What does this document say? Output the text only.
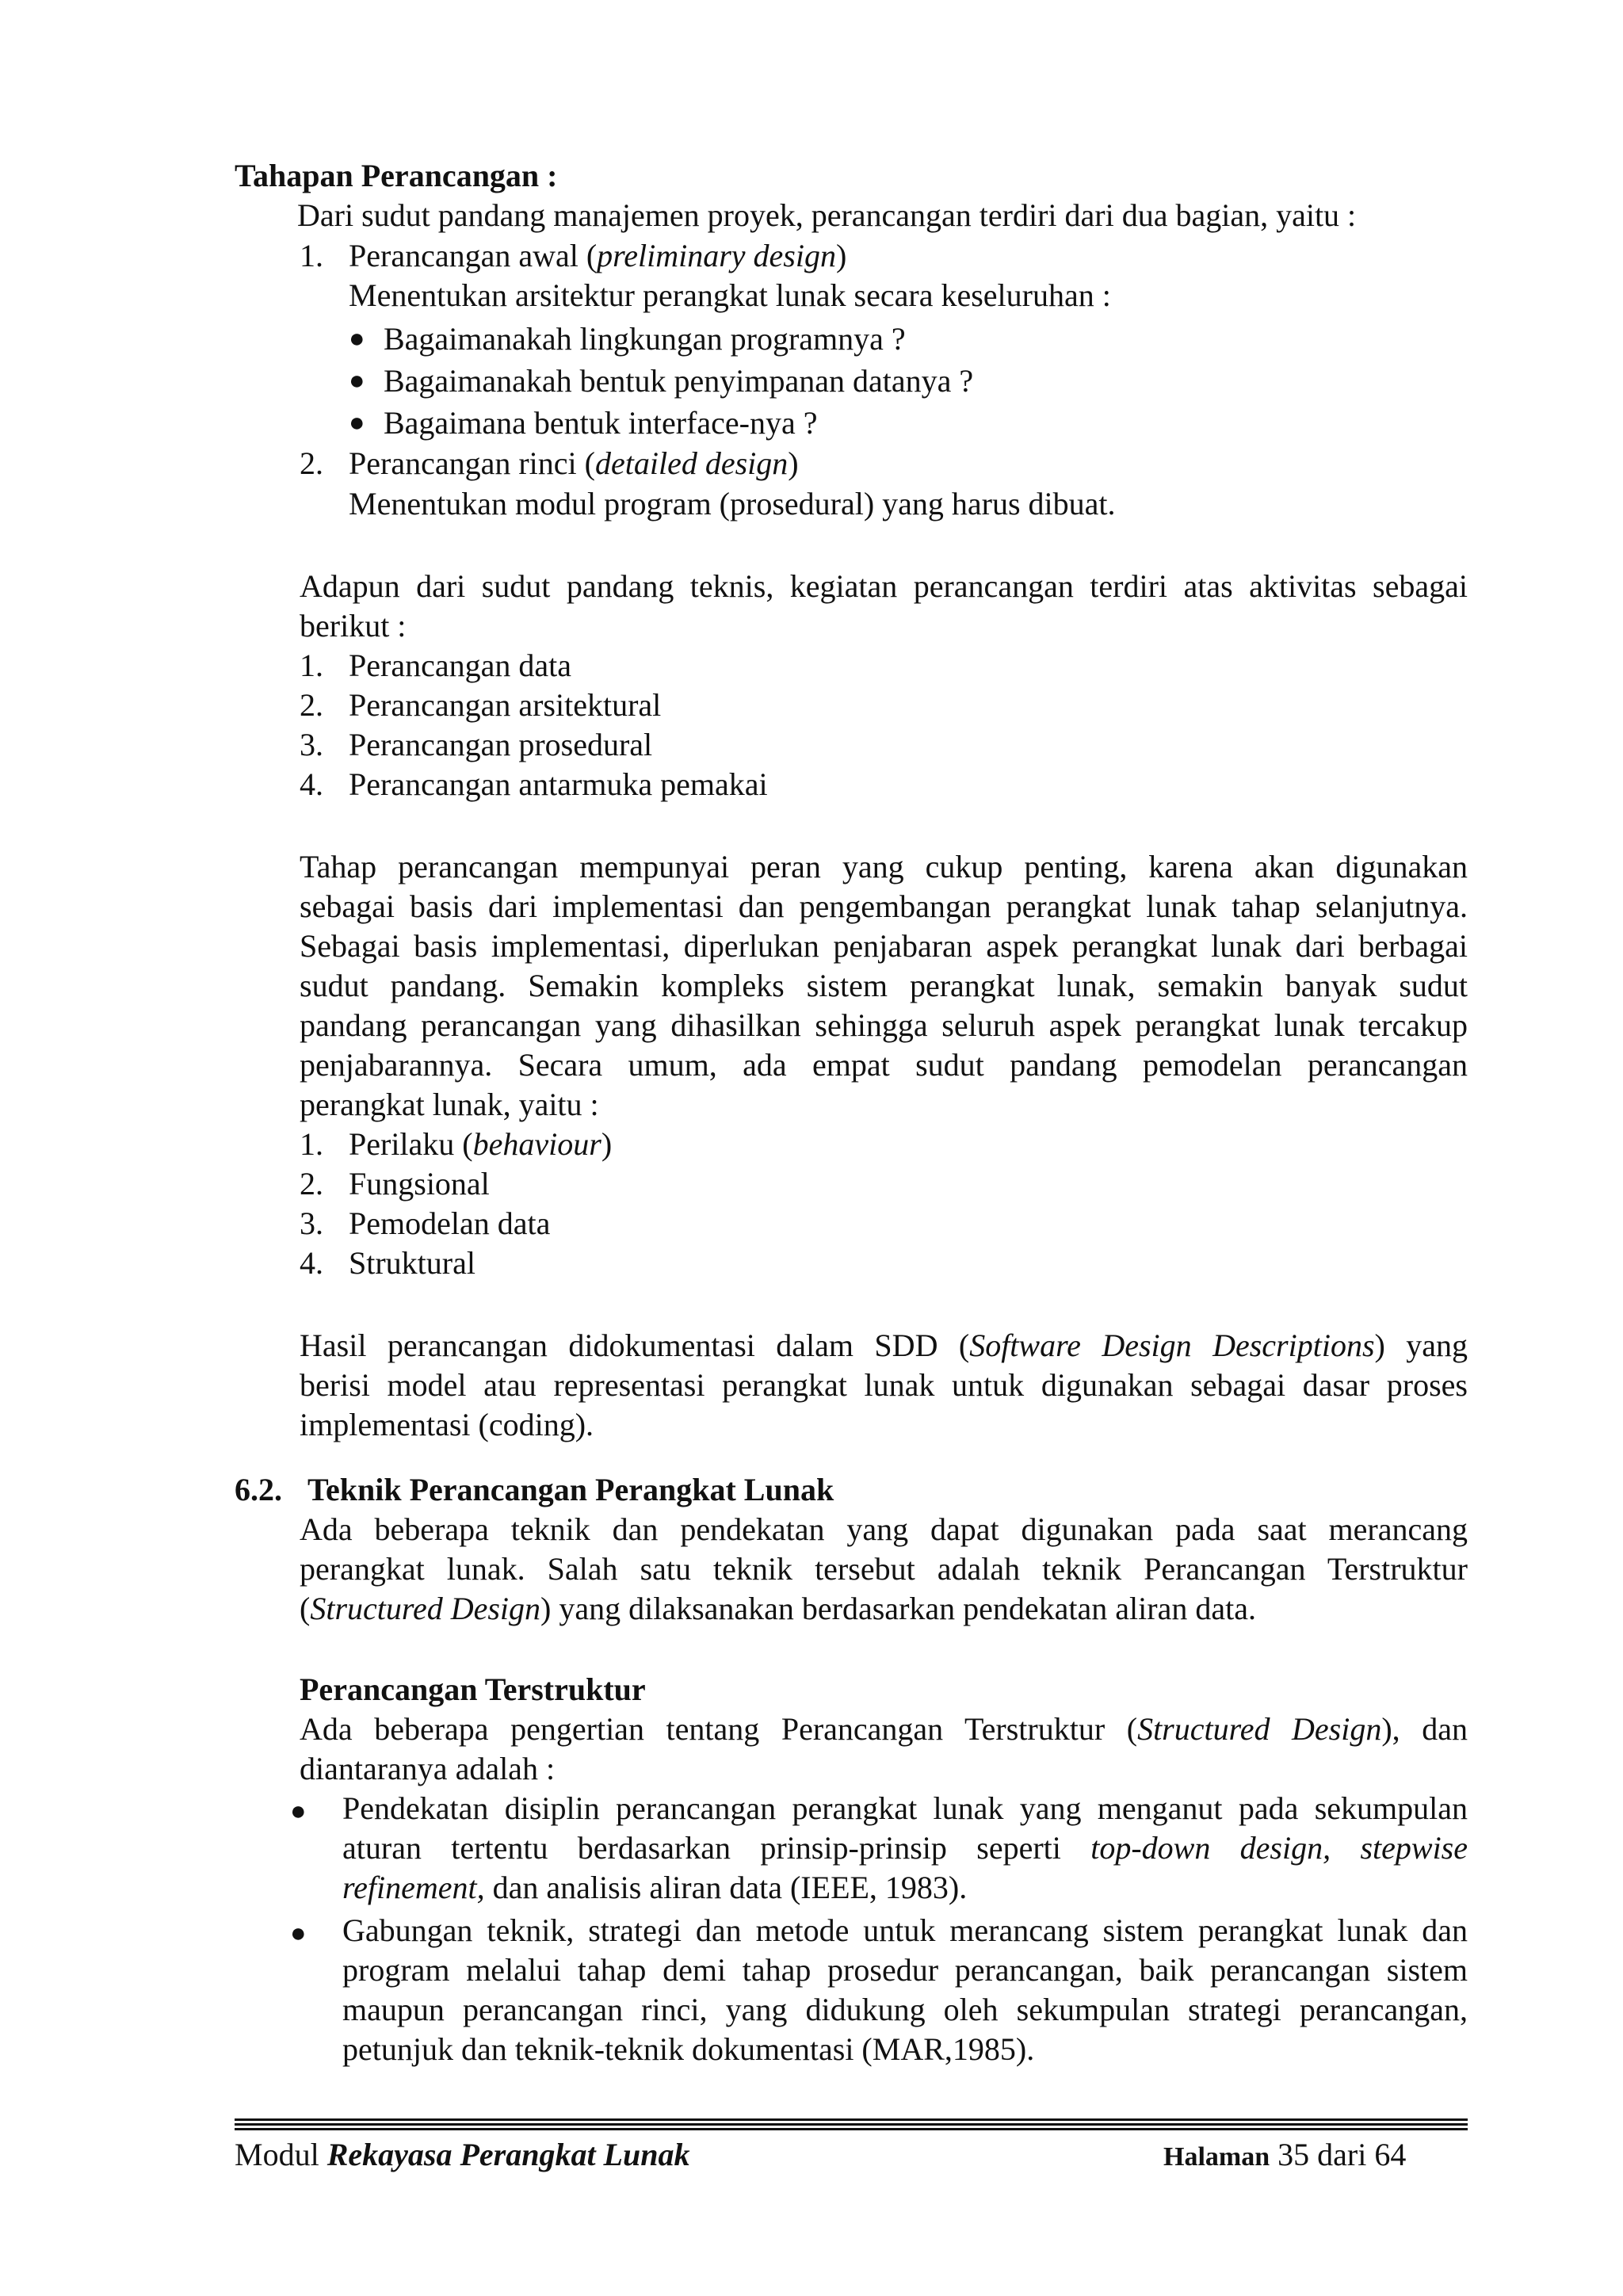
Tahapan Perancangan :
Dari sudut pandang manajemen proyek, perancangan terdiri dari dua bagian, yaitu :
1. Perancangan awal (preliminary design)
Menentukan arsitektur perangkat lunak secara keseluruhan :
● Bagaimanakah lingkungan programnya ?
● Bagaimanakah bentuk penyimpanan datanya ?
● Bagaimana bentuk interface-nya ?
2. Perancangan rinci (detailed design)
Menentukan modul program (prosedural) yang harus dibuat.
Adapun dari sudut pandang teknis, kegiatan perancangan terdiri atas aktivitas sebagai
berikut :
1. Perancangan data
2. Perancangan arsitektural
3. Perancangan prosedural
4. Perancangan antarmuka pemakai
Tahap perancangan mempunyai peran yang cukup penting, karena akan digunakan
sebagai basis dari implementasi dan pengembangan perangkat lunak tahap selanjutnya.
Sebagai basis implementasi, diperlukan penjabaran aspek perangkat lunak dari berbagai
sudut pandang. Semakin kompleks sistem perangkat lunak, semakin banyak sudut
pandang perancangan yang dihasilkan sehingga seluruh aspek perangkat lunak tercakup
penjabarannya. Secara umum, ada empat sudut pandang pemodelan perancangan
perangkat lunak, yaitu :
1. Perilaku (behaviour)
2. Fungsional
3. Pemodelan data
4. Struktural
Hasil perancangan didokumentasi dalam SDD (Software Design Descriptions) yang
berisi model atau representasi perangkat lunak untuk digunakan sebagai dasar proses
implementasi (coding).
6.2. Teknik Perancangan Perangkat Lunak
Ada beberapa teknik dan pendekatan yang dapat digunakan pada saat merancang
perangkat lunak. Salah satu teknik tersebut adalah teknik Perancangan Terstruktur
(Structured Design) yang dilaksanakan berdasarkan pendekatan aliran data.
Perancangan Terstruktur
Ada beberapa pengertian tentang Perancangan Terstruktur (Structured Design), dan
diantaranya adalah :
● Pendekatan disiplin perancangan perangkat lunak yang menganut pada sekumpulan
aturan tertentu berdasarkan prinsip-prinsip seperti top-down design, stepwise
refinement, dan analisis aliran data (IEEE, 1983).
● Gabungan teknik, strategi dan metode untuk merancang sistem perangkat lunak dan
program melalui tahap demi tahap prosedur perancangan, baik perancangan sistem
maupun perancangan rinci, yang didukung oleh sekumpulan strategi perancangan,
petunjuk dan teknik-teknik dokumentasi (MAR,1985).
Modul Rekayasa Perangkat Lunak	Halaman 35 dari 64
